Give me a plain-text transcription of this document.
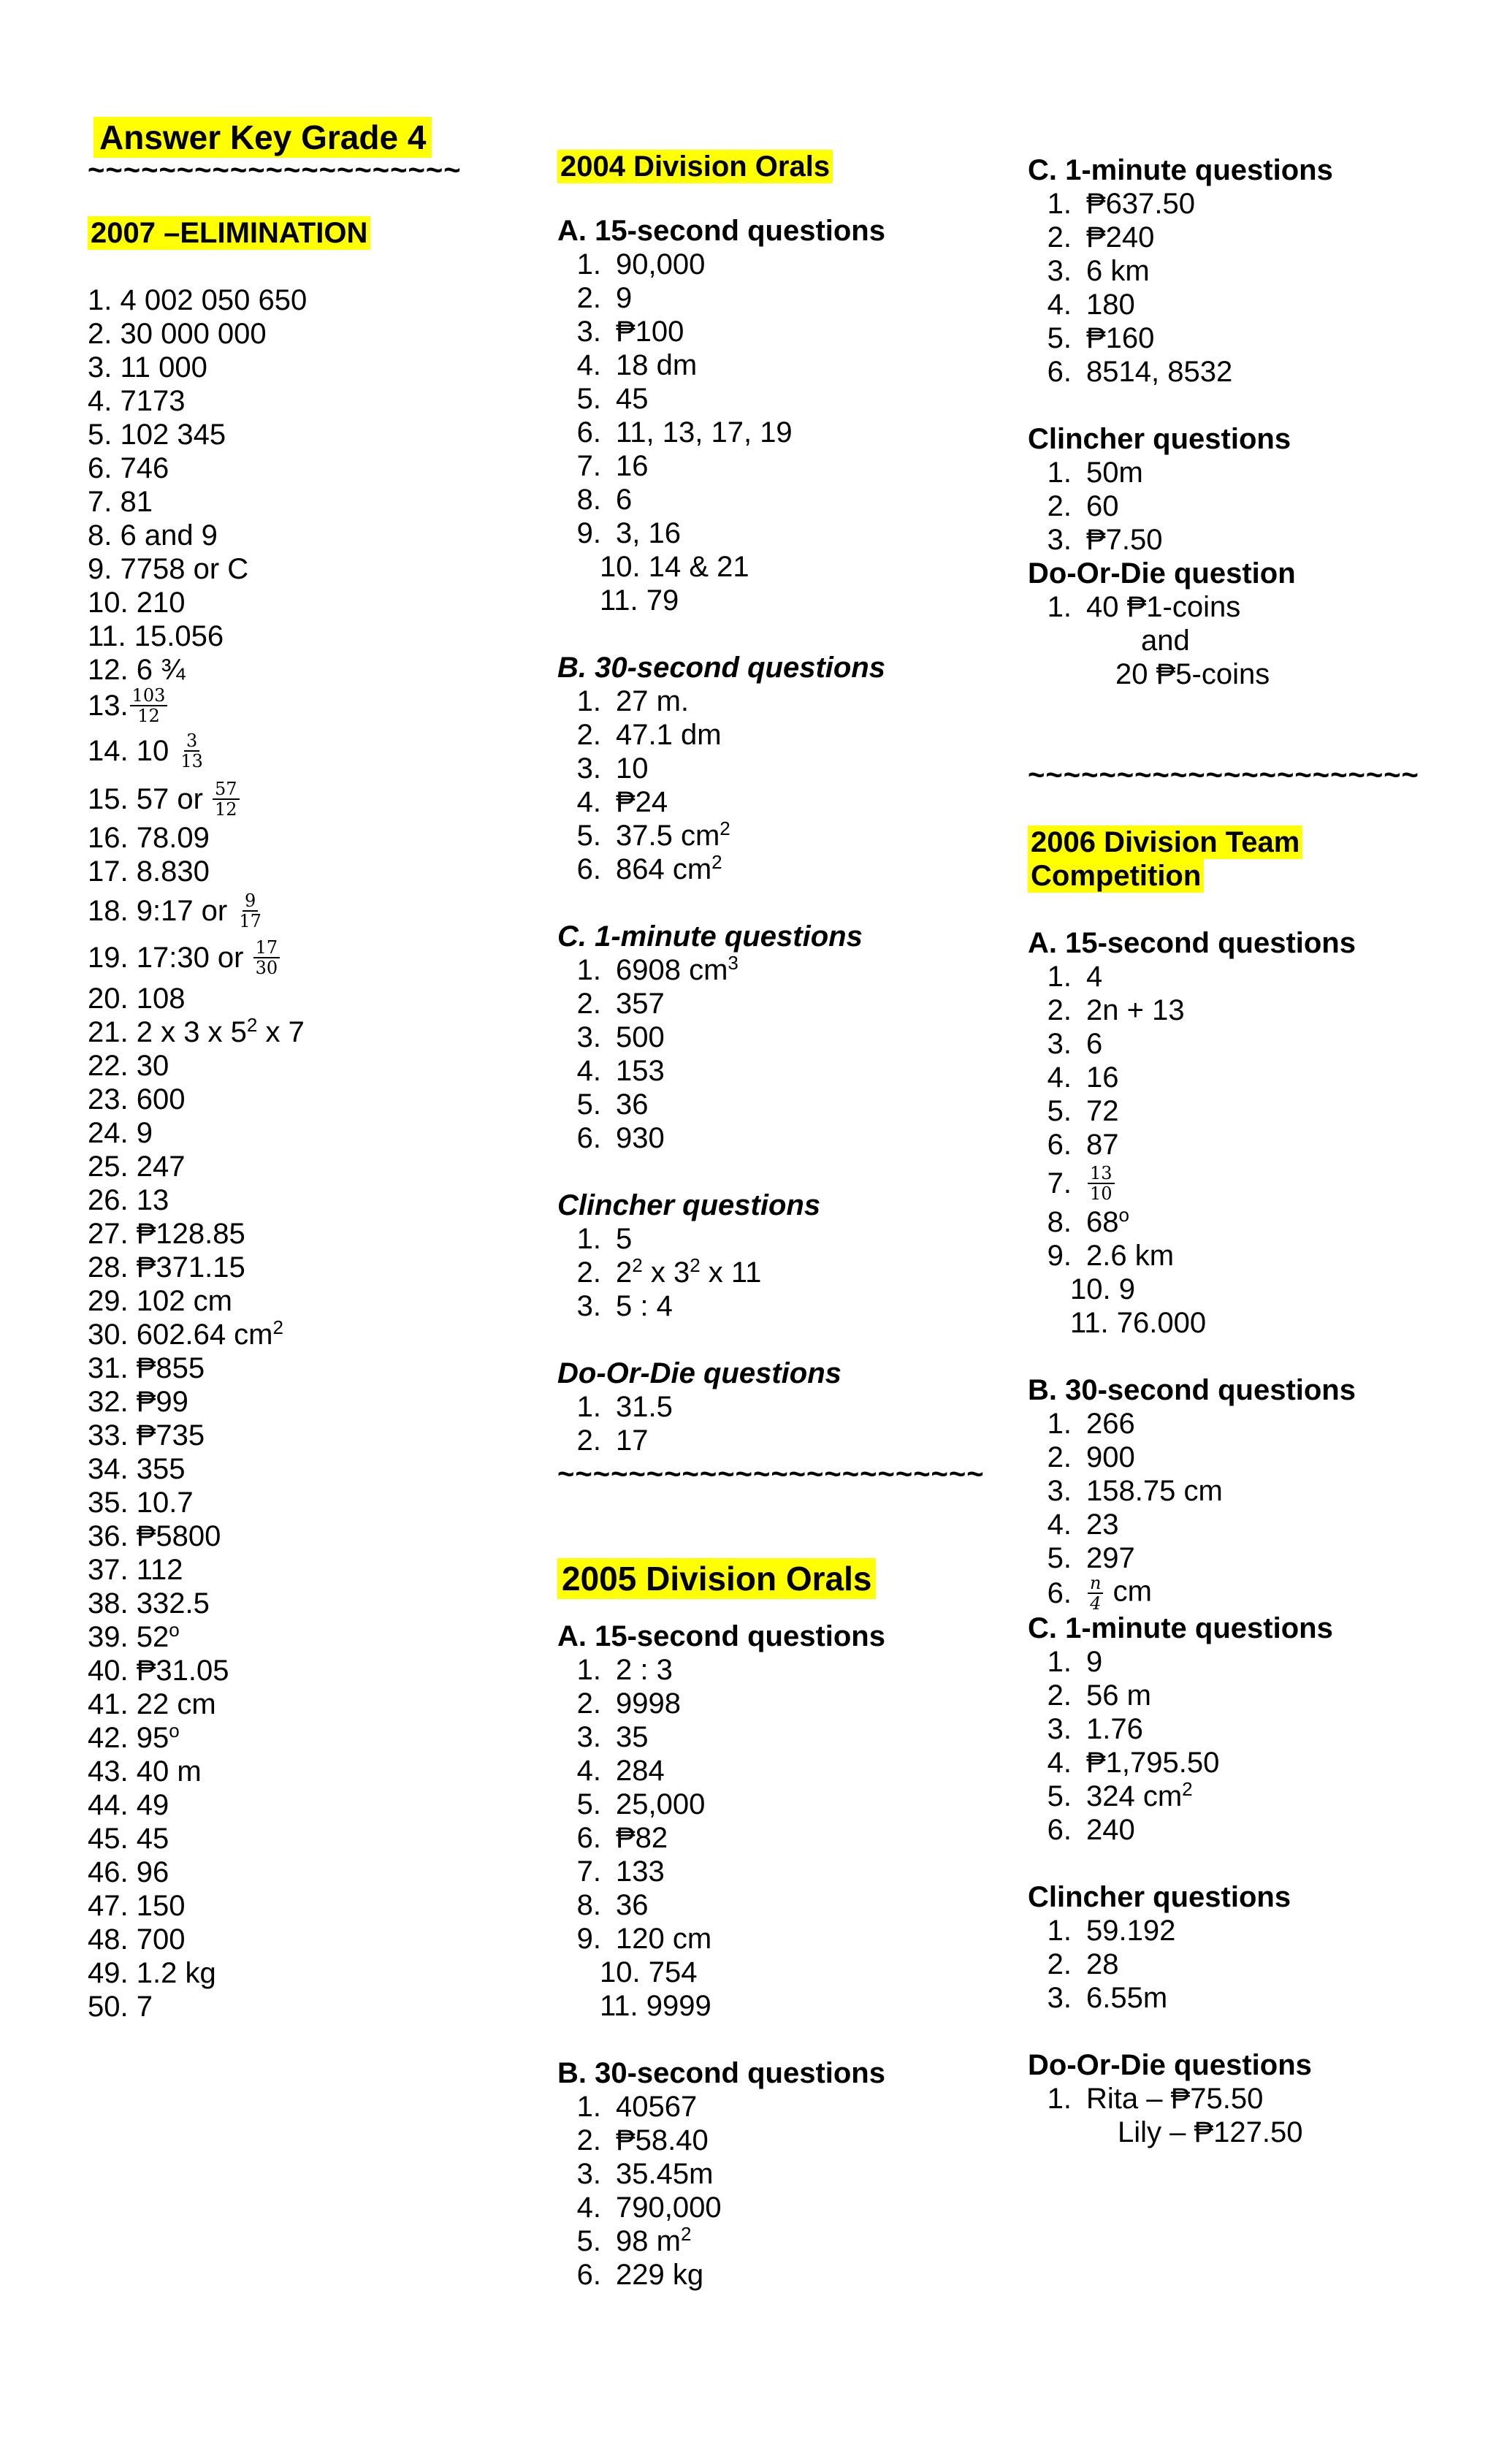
Answer Key Grade 4
~~~~~~~~~~~~~~~~~~~~~
2007 –ELIMINATION
1. 4 002 050 650
2. 30 000 000
3. 11 000
4. 7173
5. 102 345
6. 746
7. 81
8. 6 and 9
9. 7758 or C
10. 210
11. 15.056
12. 6 ¾
13. $\frac{103}{12}$
14. 10
$\frac{3}{13}$
15. 57 or
$\frac{57}{12}$
16. 78.09
17. 8.830
18. 9:17 or
$\frac{9}{17}$
19. 17:30 or
$\frac{17}{30}$
20. 108
21. 2 x 3 x $5^2$ x 7
22. 30
23. 600
24. 9
25. 247
26. 13
27. ₱128.85
28. ₱371.15
29. 102 cm
30. 602.64 $cm^2$
31. ₱855
32. ₱99
33. ₱735
34. 355
35. 10.7
36. ₱5800
37. 112
38. 332.5
39. 52$^o$
40. ₱31.05
41. 22 cm
42. 95$^o$
43. 40 m
44. 49
45. 45
46. 96
47. 150
48. 700
49. 1.2 kg
50. 7
2004 Division Orals
A. 15-second questions
1. 90,000
2. 9
3. ₱100
4. 18 dm
5. 45
6. 11, 13, 17, 19
7. 16
8. 6
9. 3, 16
10. 14 & 21
11. 79
B. 30-second questions
1. 27 m.
2. 47.1 dm
3. 10
4. ₱24
5. 37.5 $cm^2$
6. 864 $cm^2$
C. 1-minute questions
1. 6908 $cm^3$
2. 357
3. 500
4. 153
5. 36
6. 930
Clincher questions
1. 5
2. $2^2$ x $3^2$ x 11
3. 5 : 4
Do-Or-Die questions
1. 31.5
2. 17
~~~~~~~~~~~~~~~~~~~~~~~~
2005 Division Orals
A. 15-second questions
1. 2 : 3
2. 9998
3. 35
4. 284
5. 25,000
6. ₱82
7. 133
8. 36
9. 120 cm
10. 754
11. 9999
B. 30-second questions
1. 40567
2. ₱58.40
3. 35.45m
4. 790,000
5. 98 $m^2$
6. 229 kg
C. 1-minute questions
1. ₱637.50
2. ₱240
3. 6 km
4. 180
5. ₱160
6. 8514, 8532
Clincher questions
1. 50m
2. 60
3. ₱7.50
Do-Or-Die question
1. 40 ₱1-coins
and
20 ₱5-coins
~~~~~~~~~~~~~~~~~~~~~~
2006 Division Team
Competition
A. 15-second questions
1. 4
2. 2n + 13
3. 6
4. 16
5. 72
6. 87
7. $\frac{13}{10}$
8. 68$^o$
9. 2.6 km
10. 9
11. 76.000
B. 30-second questions
1. 266
2. 900
3. 158.75 cm
4. 23
5. 297
6. $\frac{n}{4}$ cm
C. 1-minute questions
1. 9
2. 56 m
3. 1.76
4. ₱1,795.50
5. 324 $cm^2$
6. 240
Clincher questions
1. 59.192
2. 28
3. 6.55m
Do-Or-Die questions
1. Rita – ₱75.50
Lily – ₱127.50
